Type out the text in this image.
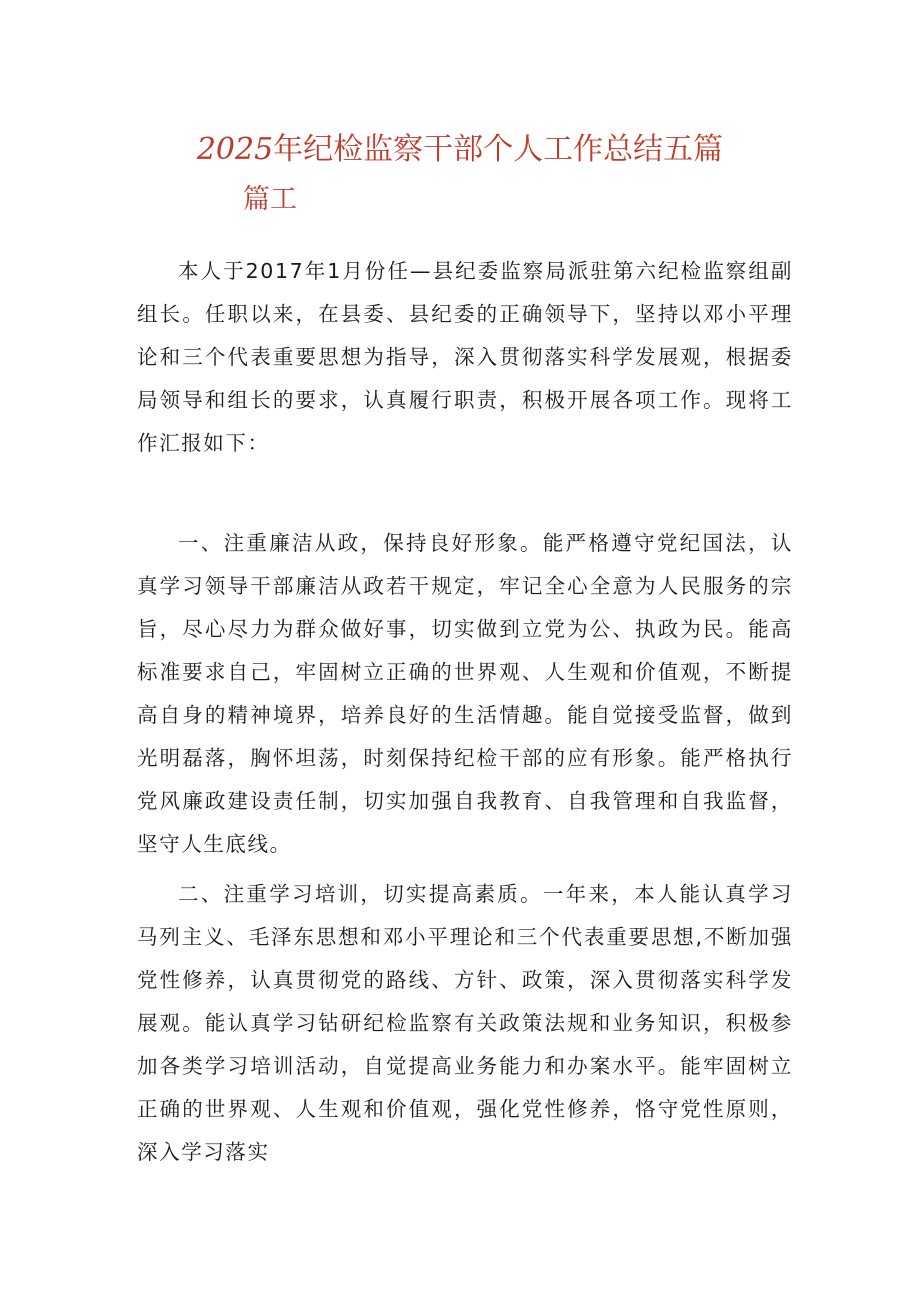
2025年纪检监察干部个人工作总结五篇
篇工

本人于2017年1月份任—县纪委监察局派驻第六纪检监察组副组长。任职以来，在县委、县纪委的正确领导下，坚持以邓小平理论和三个代表重要思想为指导，深入贯彻落实科学发展观，根据委局领导和组长的要求，认真履行职责，积极开展各项工作。现将工作汇报如下：

一、注重廉洁从政，保持良好形象。能严格遵守党纪国法，认真学习领导干部廉洁从政若干规定，牢记全心全意为人民服务的宗旨，尽心尽力为群众做好事，切实做到立党为公、执政为民。能高标准要求自己，牢固树立正确的世界观、人生观和价值观，不断提高自身的精神境界，培养良好的生活情趣。能自觉接受监督，做到光明磊落，胸怀坦荡，时刻保持纪检干部的应有形象。能严格执行党风廉政建设责任制，切实加强自我教育、自我管理和自我监督，坚守人生底线。

二、注重学习培训，切实提高素质。一年来，本人能认真学习马列主义、毛泽东思想和邓小平理论和三个代表重要思想,不断加强党性修养，认真贯彻党的路线、方针、政策，深入贯彻落实科学发展观。能认真学习钻研纪检监察有关政策法规和业务知识，积极参加各类学习培训活动，自觉提高业务能力和办案水平。能牢固树立正确的世界观、人生观和价值观，强化党性修养，恪守党性原则，深入学习落实
